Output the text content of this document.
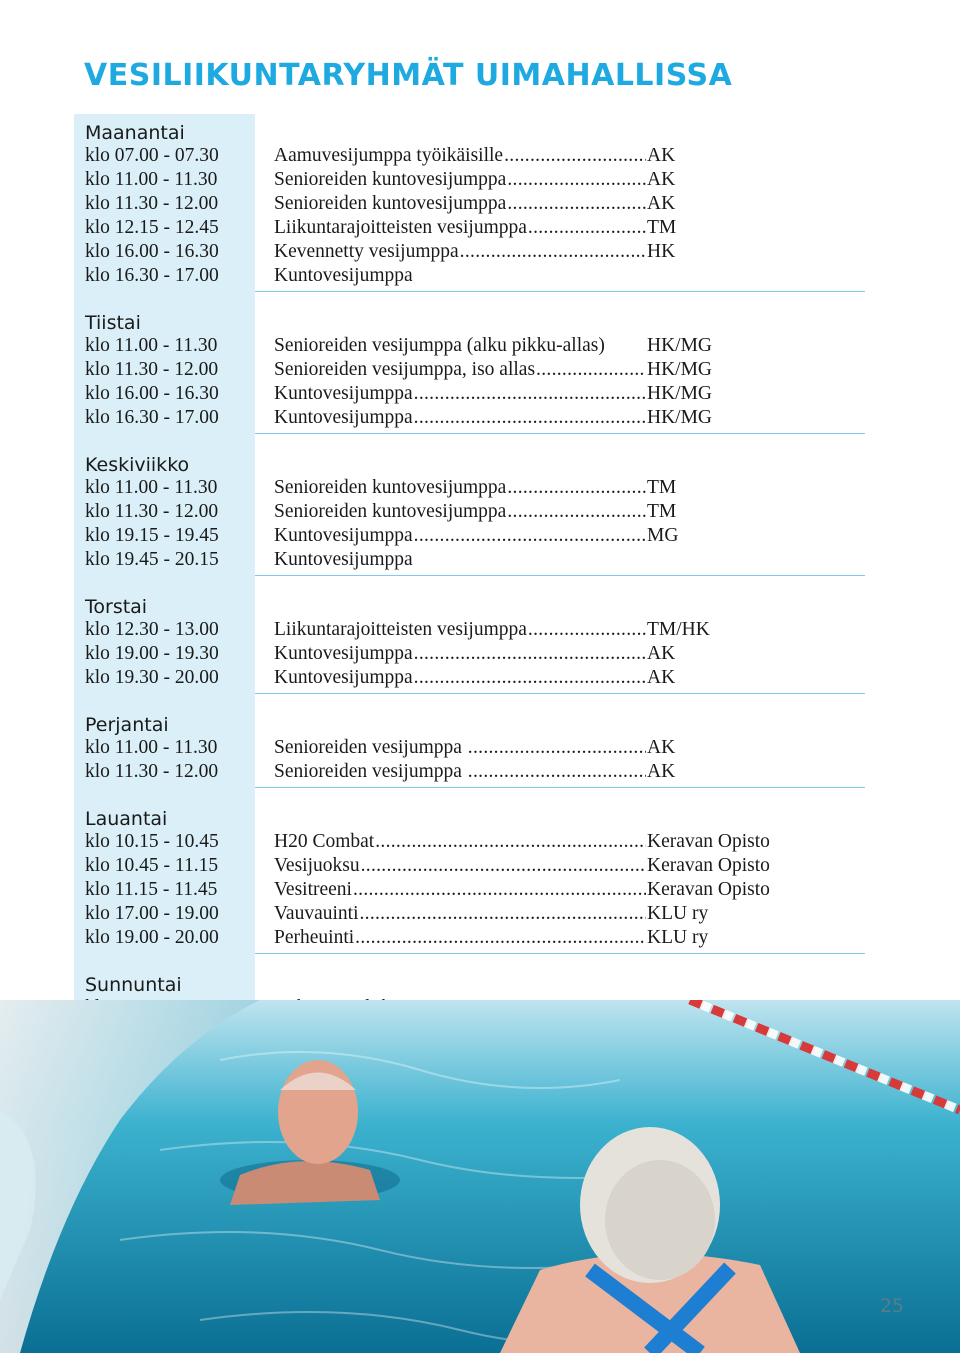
VESILIIKUNTARYHMÄT UIMAHALLISSA
Maanantai
klo 07.00 - 07.30	Aamuvesijumppa työikäisille .....	AK
klo 11.00 - 11.30	Senioreiden kuntovesijumppa .....	AK
klo 11.30 - 12.00	Senioreiden kuntovesijumppa .....	AK
klo 12.15 - 12.45	Liikuntarajoitteisten vesijumppa .....	TM
klo 16.00 - 16.30	Kevennetty vesijumppa .....	HK
klo 16.30 - 17.00	Kuntovesijumppa
Tiistai
klo 11.00 - 11.30	Senioreiden vesijumppa (alku pikku-allas)	HK/MG
klo 11.30 - 12.00	Senioreiden vesijumppa, iso allas .....	HK/MG
klo 16.00 - 16.30	Kuntovesijumppa .....	HK/MG
klo 16.30 - 17.00	Kuntovesijumppa .....	HK/MG
Keskiviikko
klo 11.00 - 11.30	Senioreiden kuntovesijumppa .....	TM
klo 11.30 - 12.00	Senioreiden kuntovesijumppa .....	TM
klo 19.15 - 19.45	Kuntovesijumppa .....	MG
klo 19.45 - 20.15	Kuntovesijumppa
Torstai
klo 12.30 - 13.00	Liikuntarajoitteisten vesijumppa .....	TM/HK
klo 19.00 - 19.30	Kuntovesijumppa .....	AK
klo 19.30 - 20.00	Kuntovesijumppa .....	AK
Perjantai
klo 11.00 - 11.30	Senioreiden vesijumppa .....	AK
klo 11.30 - 12.00	Senioreiden vesijumppa .....	AK
Lauantai
klo 10.15 - 10.45	H20 Combat .....	Keravan Opisto
klo 10.45 - 11.15	Vesijuoksu .....	Keravan Opisto
klo 11.15 - 11.45	Vesitreeni .....	Keravan Opisto
klo 17.00 - 19.00	Vauvauinti .....	KLU ry
klo 19.00 - 20.00	Perheuinti .....	KLU ry
Sunnuntai
25
